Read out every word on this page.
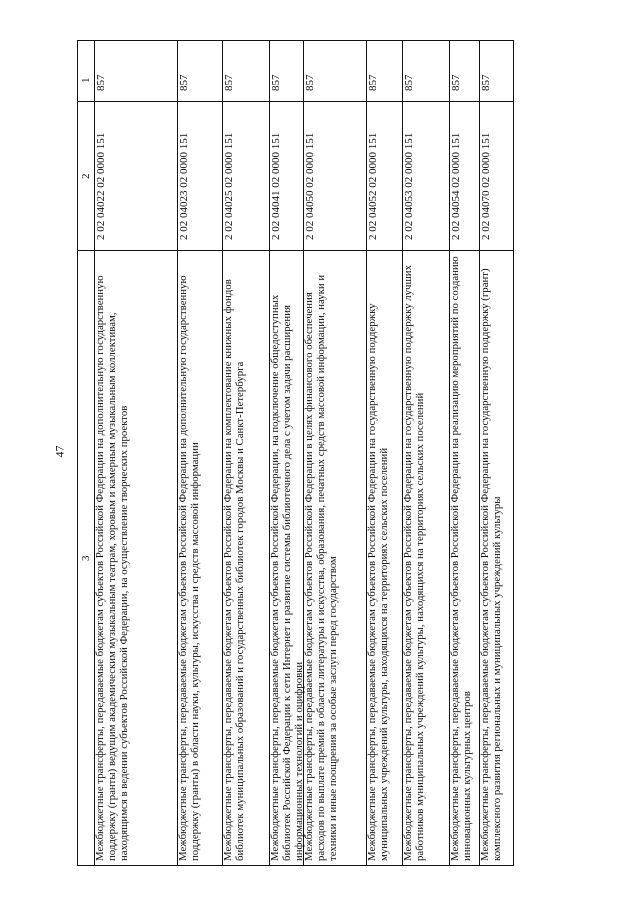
47
1
2
3
857
2 02 04022 02 0000 151
Межбюджетные трансферты, передаваемые бюджетам субъектов Российской Федерации на дополнительную государственную поддержку (гранты) ведущим академическим музыкальным театрам, хоровым и камерным музыкальным коллективам, находящимся в ведении субъектов Российской Федерации, на осуществление творческих проектов
857
2 02 04023 02 0000 151
Межбюджетные трансферты, передаваемые бюджетам субъектов Российской Федерации на дополнительную государственную поддержку (гранты) в области науки, культуры, искусства и средств массовой информации
857
2 02 04025 02 0000 151
Межбюджетные трансферты, передаваемые бюджетам субъектов Российской Федерации на комплектование книжных фондов библиотек муниципальных образований и государственных библиотек городов Москвы и Санкт-Петербурга
857
2 02 04041 02 0000 151
Межбюджетные трансферты, передаваемые бюджетам субъектов Российской Федерации, на подключение общедоступных библиотек Российской Федерации к сети Интернет и развитие системы библиотечного дела с учетом задачи расширения информационных технологий и оцифровки
857
2 02 04050 02 0000 151
Межбюджетные трансферты, передаваемые бюджетам субъектов Российской Федерации в целях финансового обеспечения расходов по выплате премий в области литературы и искусства, образования, печатных средств массовой информации, науки и техники и иные поощрения за особые заслуги перед государством
857
2 02 04052 02 0000 151
Межбюджетные трансферты, передаваемые бюджетам субъектов Российской Федерации на государственную поддержку муниципальных учреждений культуры, находящихся на территориях сельских поселений
857
2 02 04053 02 0000 151
Межбюджетные трансферты, передаваемые бюджетам субъектов Российской Федерации на государственную поддержку лучших работников муниципальных учреждений культуры, находящихся на территориях сельских поселений
857
2 02 04054 02 0000 151
Межбюджетные трансферты, передаваемые бюджетам субъектов Российской Федерации на реализацию мероприятий по созданию инновационных культурных центров
857
2 02 04070 02 0000 151
Межбюджетные трансферты, передаваемые бюджетам субъектов Российской Федерации на государственную поддержку (грант) комплексного развития региональных и муниципальных учреждений культуры
